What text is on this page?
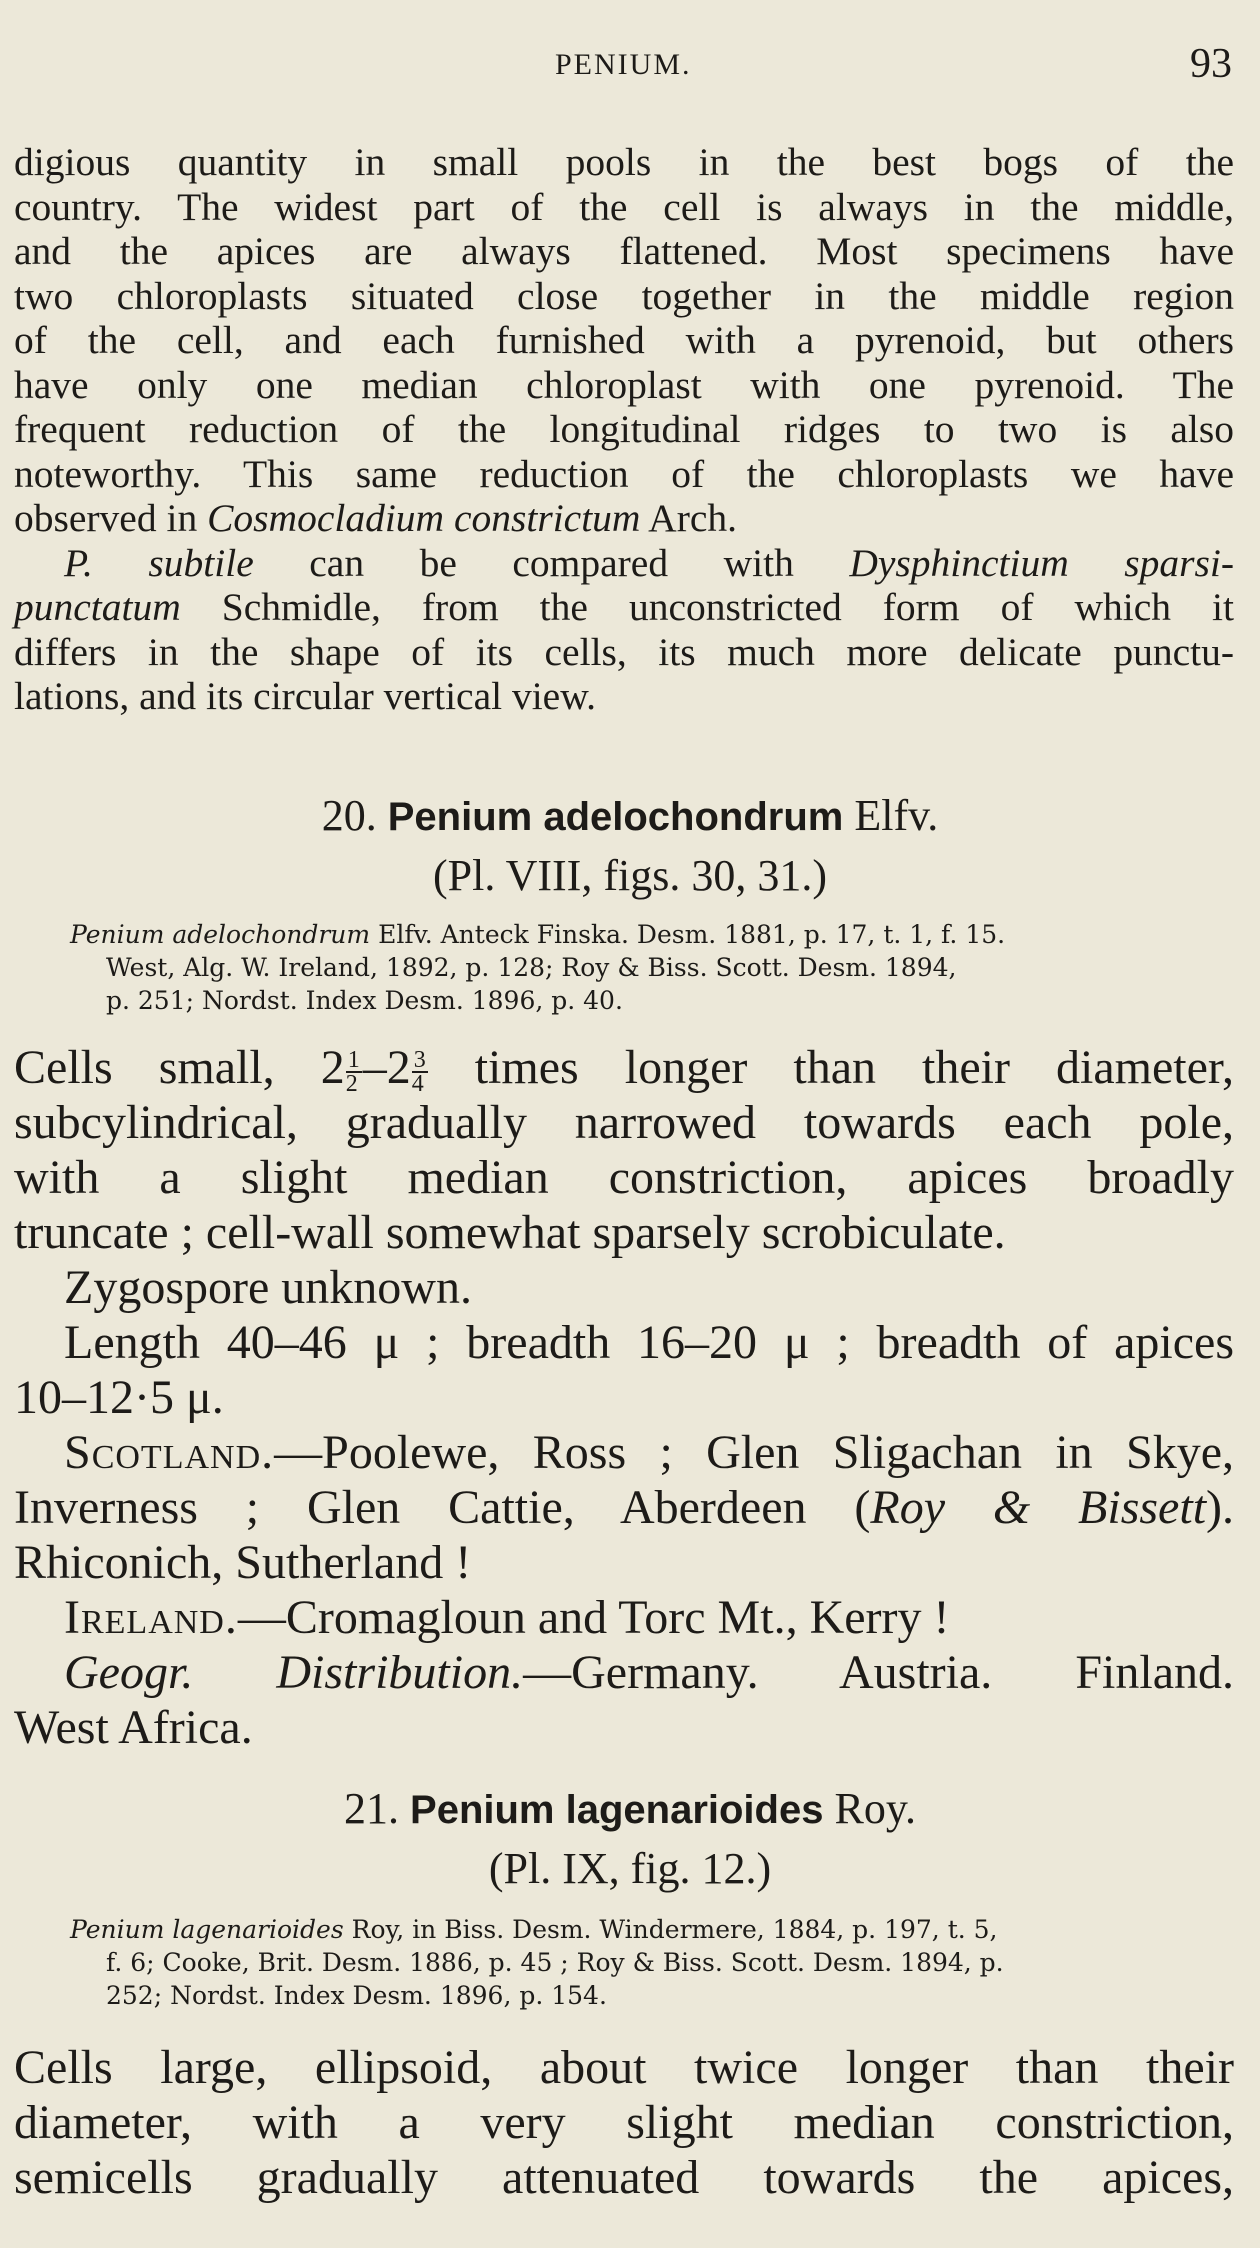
PENIUM.	93
digious quantity in small pools in the best bogs of the
country. The widest part of the cell is always in the middle,
and the apices are always flattened. Most specimens have
two chloroplasts situated close together in the middle region
of the cell, and each furnished with a pyrenoid, but others
have only one median chloroplast with one pyrenoid. The
frequent reduction of the longitudinal ridges to two is also
noteworthy. This same reduction of the chloroplasts we have
observed in Cosmocladium constrictum Arch.
P. subtile can be compared with Dysphinctium sparsi-
punctatum Schmidle, from the unconstricted form of which it
differs in the shape of its cells, its much more delicate punctu-
lations, and its circular vertical view.
20. Penium adelochondrum Elfv.
(Pl. VIII, figs. 30, 31.)
Penium adelochondrum Elfv. Anteck Finska. Desm. 1881, p. 17, t. 1, f. 15.
West, Alg. W. Ireland, 1892, p. 128; Roy & Biss. Scott. Desm. 1894,
p. 251; Nordst. Index Desm. 1896, p. 40.
Cells small, $2 \frac{1}{2} -2 \frac{3}{4}$ times longer than their diameter,
subcylindrical, gradually narrowed towards each pole,
with a slight median constriction, apices broadly
truncate ; cell-wall somewhat sparsely scrobiculate.
Zygospore unknown.
Length 40–46 μ ; breadth 16–20 μ ; breadth of apices
10–12·5 μ.
Scotland.—Poolewe, Ross ; Glen Sligachan in Skye,
Inverness ; Glen Cattie, Aberdeen (Roy & Bissett).
Rhiconich, Sutherland !
Ireland.—Cromagloun and Torc Mt., Kerry !
Geogr. Distribution.—Germany. Austria. Finland.
West Africa.
21. Penium lagenarioides Roy.
(Pl. IX, fig. 12.)
Penium lagenarioides Roy, in Biss. Desm. Windermere, 1884, p. 197, t. 5,
f. 6; Cooke, Brit. Desm. 1886, p. 45 ; Roy & Biss. Scott. Desm. 1894, p.
252; Nordst. Index Desm. 1896, p. 154.
Cells large, ellipsoid, about twice longer than their
diameter, with a very slight median constriction,
semicells gradually attenuated towards the apices,
